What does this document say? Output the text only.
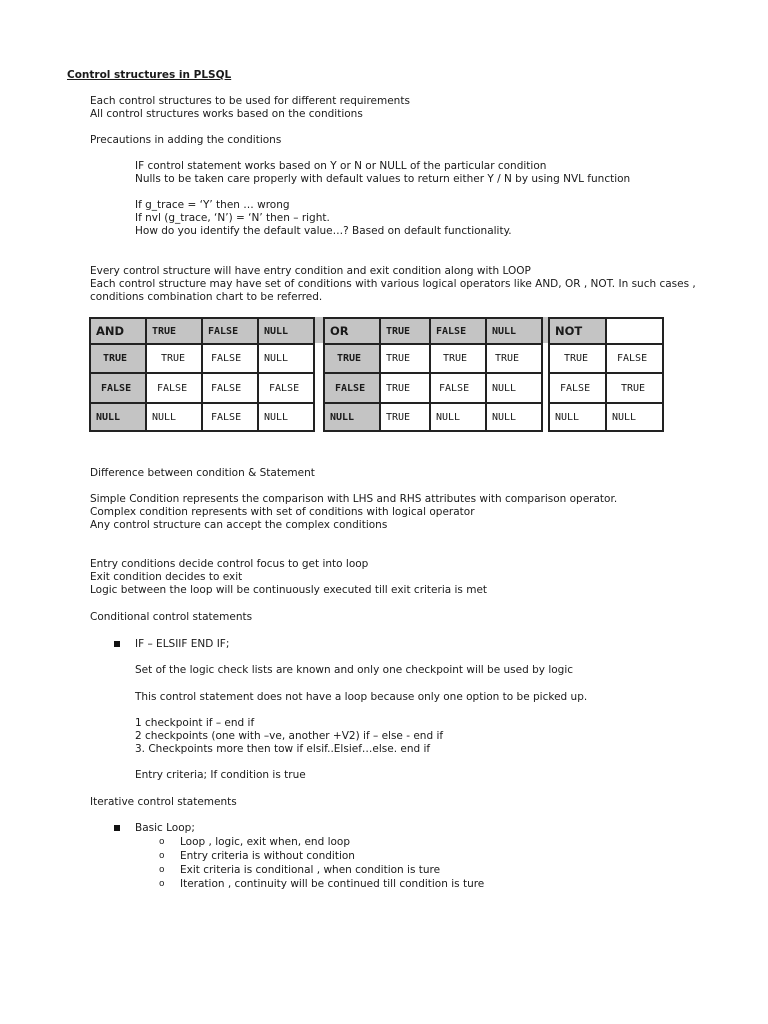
Control structures in PLSQL
Each control structures to be used for different requirements
All control structures works based on the conditions
Precautions in adding the conditions
IF control statement works based on Y or N or NULL of the particular condition
Nulls to be taken care properly with default values to return either Y / N by using NVL function
If g_trace = ‘Y’ then … wrong
If nvl (g_trace, ‘N’) = ‘N’ then – right.
How do you identify the default value…? Based on default functionality.
Every control structure will have entry condition and exit condition along with LOOP
Each control structure may have set of conditions with various logical operators like AND, OR , NOT. In such cases ,
conditions combination chart to be referred.
AND	TRUE	FALSE	NULL
TRUE	TRUE	FALSE	NULL
FALSE	FALSE	FALSE	FALSE
NULL	NULL	FALSE	NULL
OR	TRUE	FALSE	NULL
TRUE	TRUE	TRUE	TRUE
FALSE	TRUE	FALSE	NULL
NULL	TRUE	NULL	NULL
NOT	
TRUE	FALSE
FALSE	TRUE
NULL	NULL
Difference between condition & Statement
Simple Condition represents the comparison with LHS and RHS attributes with comparison operator.
Complex condition represents with set of conditions with logical operator
Any control structure can accept the complex conditions
Entry conditions decide control focus to get into loop
Exit condition decides to exit
Logic between the loop will be continuously executed till exit criteria is met
Conditional control statements
IF – ELSIIF END IF;
Set of the logic check lists are known and only one checkpoint will be used by logic
This control statement does not have a loop because only one option to be picked up.
1 checkpoint if – end if
2 checkpoints (one with –ve, another +V2) if – else - end if
3. Checkpoints more then tow if elsif..Elsief…else. end if
Entry criteria; If condition is true
Iterative control statements
Basic Loop;
o Loop , logic, exit when, end loop
o Entry criteria is without condition
o Exit criteria is conditional , when condition is ture
o Iteration , continuity will be continued till condition is ture
